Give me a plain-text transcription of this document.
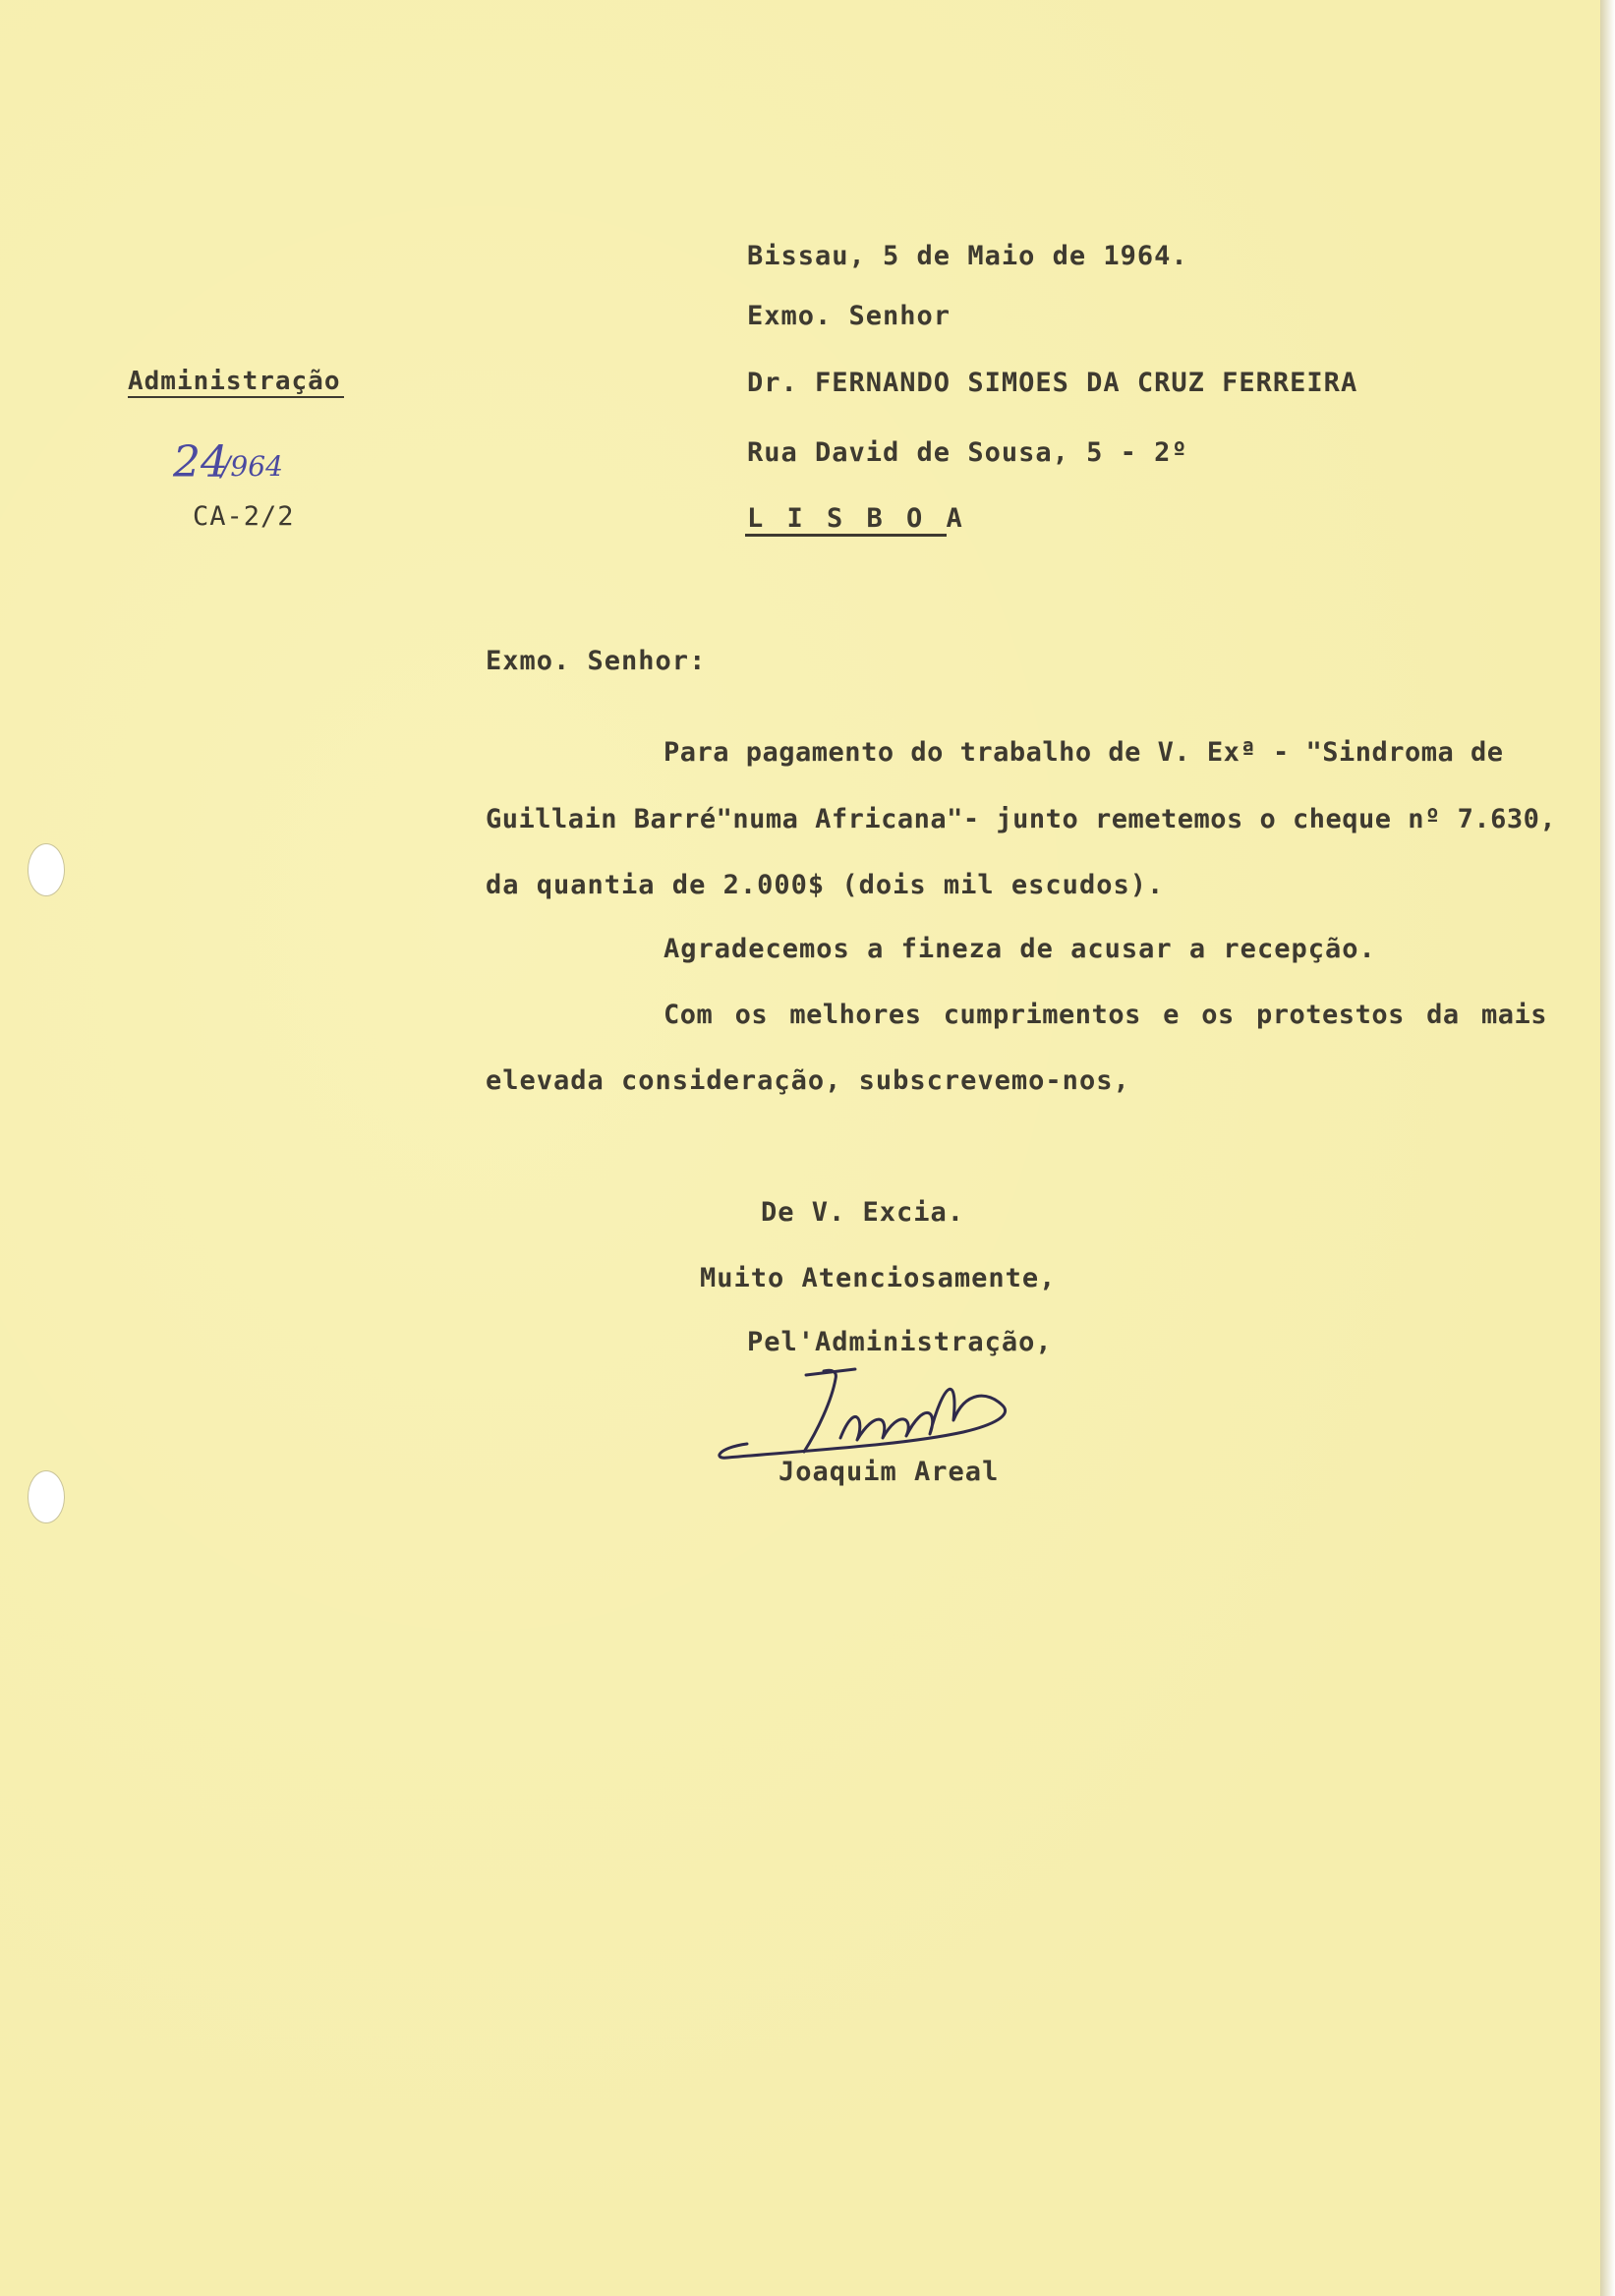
Bissau, 5 de Maio de 1964.
Exmo. Senhor
Dr. FERNANDO SIMOES DA CRUZ FERREIRA
Rua David de Sousa, 5 - 2º
L I S B O A
Administração
24
/964
CA-2/2
Exmo. Senhor:
Para pagamento do trabalho de V. Exª - "Sindroma de
Guillain Barré"numa Africana"- junto remetemos o cheque nº 7.630,
da quantia de 2.000$ (dois mil escudos).
Agradecemos a fineza de acusar a recepção.
Com os melhores cumprimentos e os protestos da mais
elevada consideração, subscrevemo-nos,
De V. Excia.
Muito Atenciosamente,
Pel'Administração,
Joaquim Areal
